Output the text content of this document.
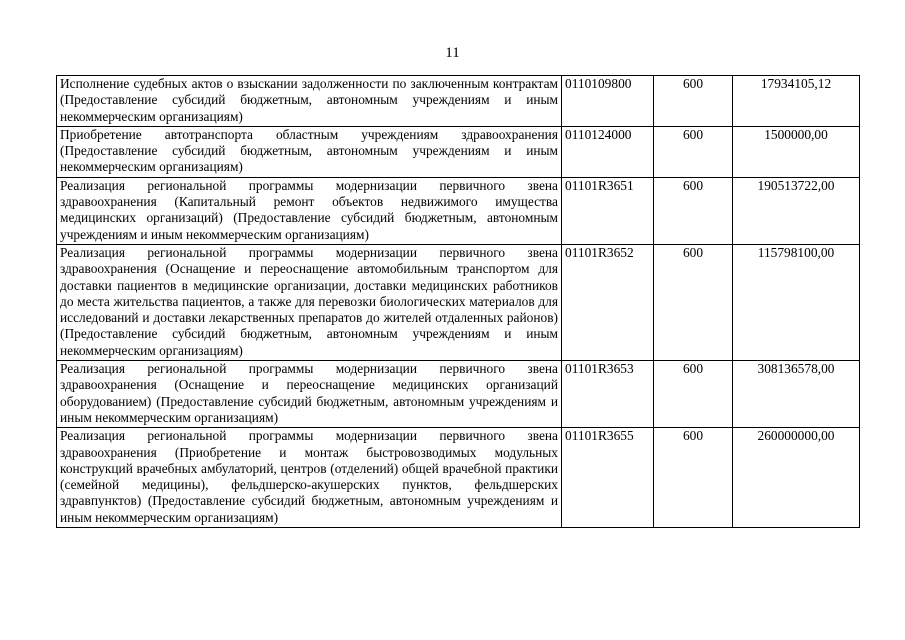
11
Исполнение судебных актов о взыскании задолженности по заключенным контрактам (Предоставление субсидий бюджетным, автономным учреждениям и иным некоммерческим организациям)	0110109800	600	17934105,12
Приобретение автотранспорта областным учреждениям здравоохранения (Предоставление субсидий бюджетным, автономным учреждениям и иным некоммерческим организациям)	0110124000	600	1500000,00
Реализация региональной программы модернизации первичного звена здравоохранения (Капитальный ремонт объектов недвижимого имущества медицинских организаций) (Предоставление субсидий бюджетным, автономным учреждениям и иным некоммерческим организациям)	01101R3651	600	190513722,00
Реализация региональной программы модернизации первичного звена здравоохранения (Оснащение и переоснащение автомобильным транспортом для доставки пациентов в медицинские организации, доставки медицинских работников до места жительства пациентов, а также для перевозки биологических материалов для исследований и доставки лекарственных препаратов до жителей отдаленных районов) (Предоставление субсидий бюджетным, автономным учреждениям и иным некоммерческим организациям)	01101R3652	600	115798100,00
Реализация региональной программы модернизации первичного звена здравоохранения (Оснащение и переоснащение медицинских организаций оборудованием) (Предоставление субсидий бюджетным, автономным учреждениям и иным некоммерческим организациям)	01101R3653	600	308136578,00
Реализация региональной программы модернизации первичного звена здравоохранения (Приобретение и монтаж быстровозводимых модульных конструкций врачебных амбулаторий, центров (отделений) общей врачебной практики (семейной медицины), фельдшерско-акушерских пунктов, фельдшерских здравпунктов) (Предоставление субсидий бюджетным, автономным учреждениям и иным некоммерческим организациям)	01101R3655	600	260000000,00
